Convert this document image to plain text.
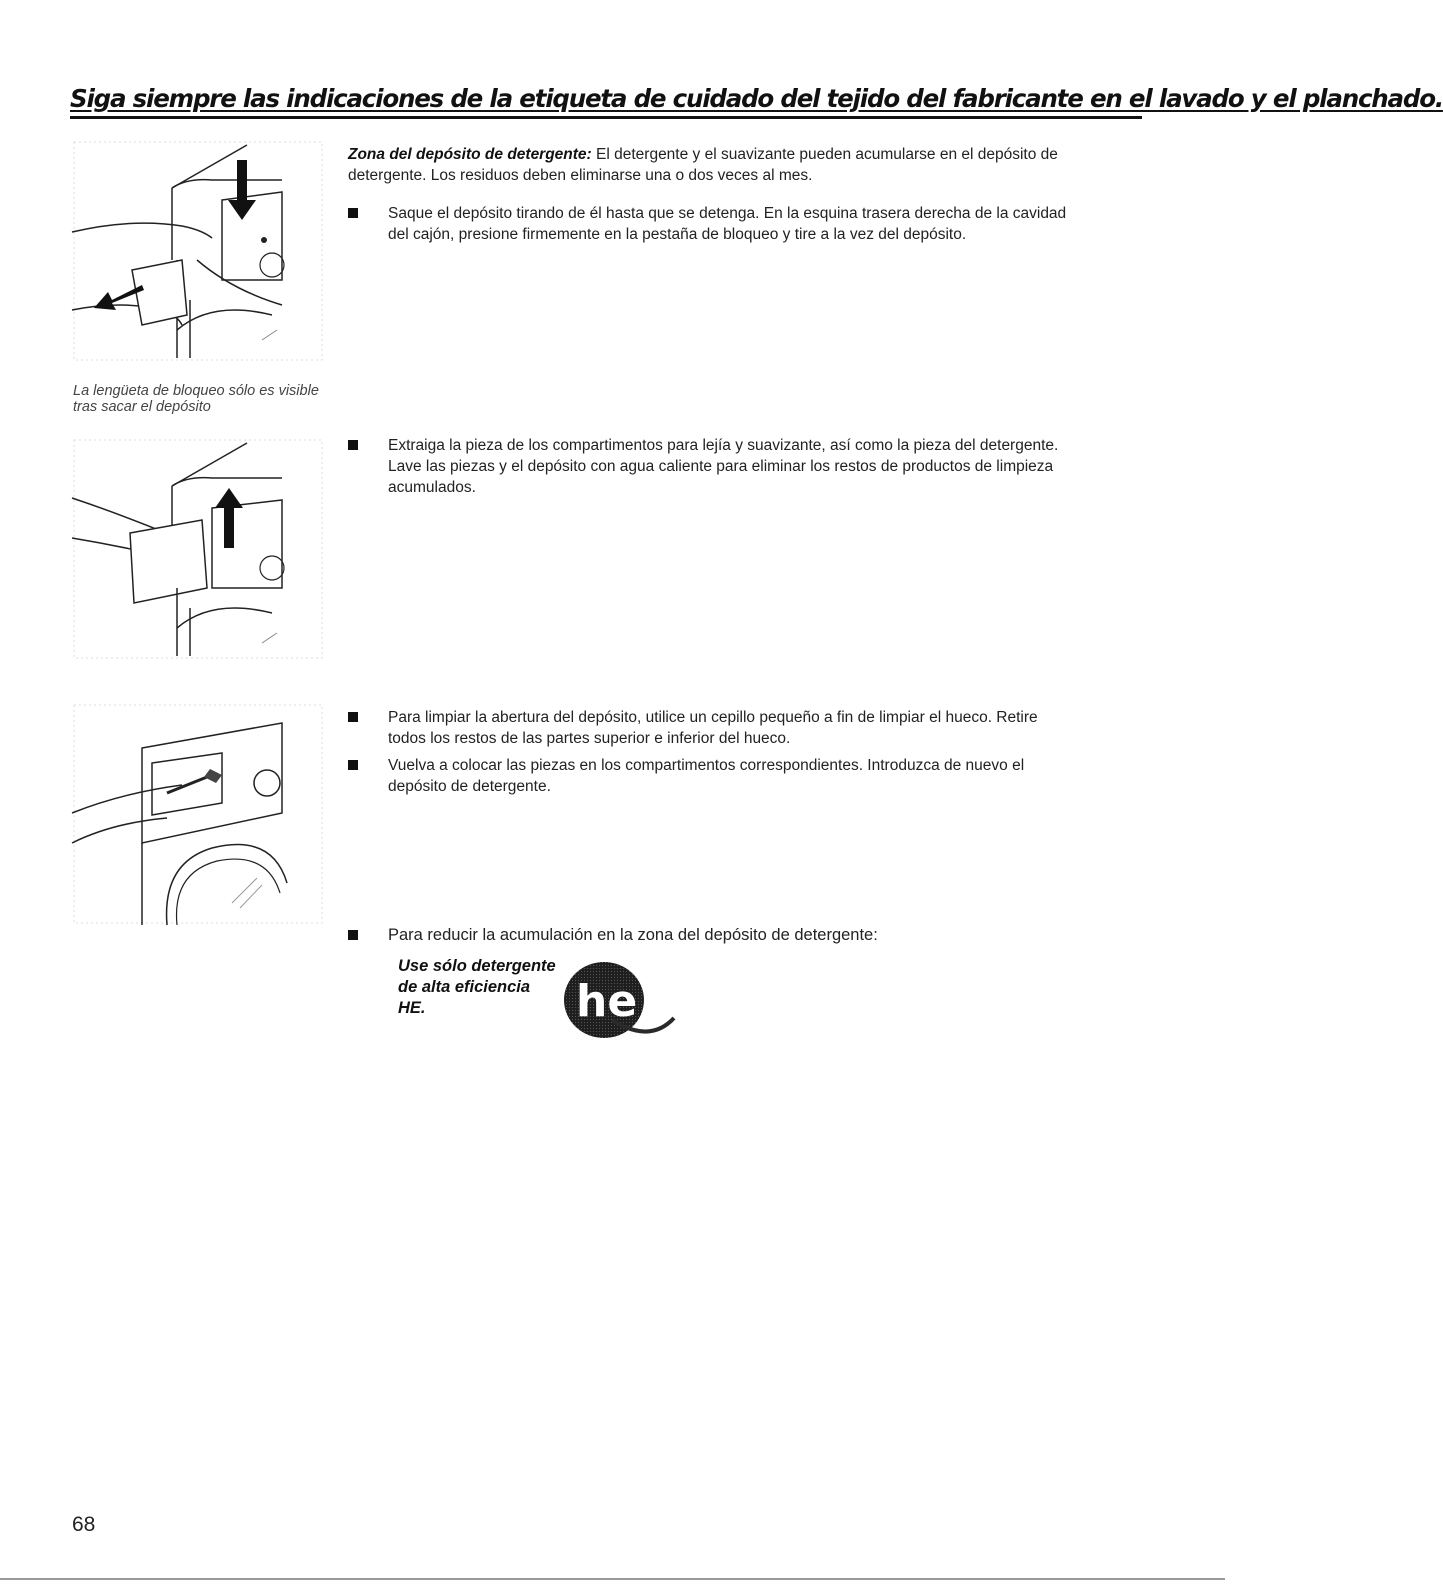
Siga siempre las indicaciones de la etiqueta de cuidado del tejido del fabricante en el lavado y el planchado.
La lengüeta de bloqueo sólo es visible tras sacar el depósito
Zona del depósito de detergente: El detergente y el suavizante pueden acumularse en el depósito de detergente. Los residuos deben eliminarse una o dos veces al mes.
Saque el depósito tirando de él hasta que se detenga. En la esquina trasera derecha de la cavidad del cajón, presione firmemente en la pestaña de bloqueo y tire a la vez del depósito.
Extraiga la pieza de los compartimentos para lejía y suavizante, así como la pieza del detergente. Lave las piezas y el depósito con agua caliente para eliminar los restos de productos de limpieza acumulados.
Para limpiar la abertura del depósito, utilice un cepillo pequeño a fin de limpiar el hueco. Retire todos los restos de las partes superior e inferior del hueco.
Vuelva a colocar las piezas en los compartimentos correspondientes. Introduzca de nuevo el depósito de detergente.
Para reducir la acumulación en la zona del depósito de detergente:
Use sólo detergente de alta eficiencia HE.	he
68
